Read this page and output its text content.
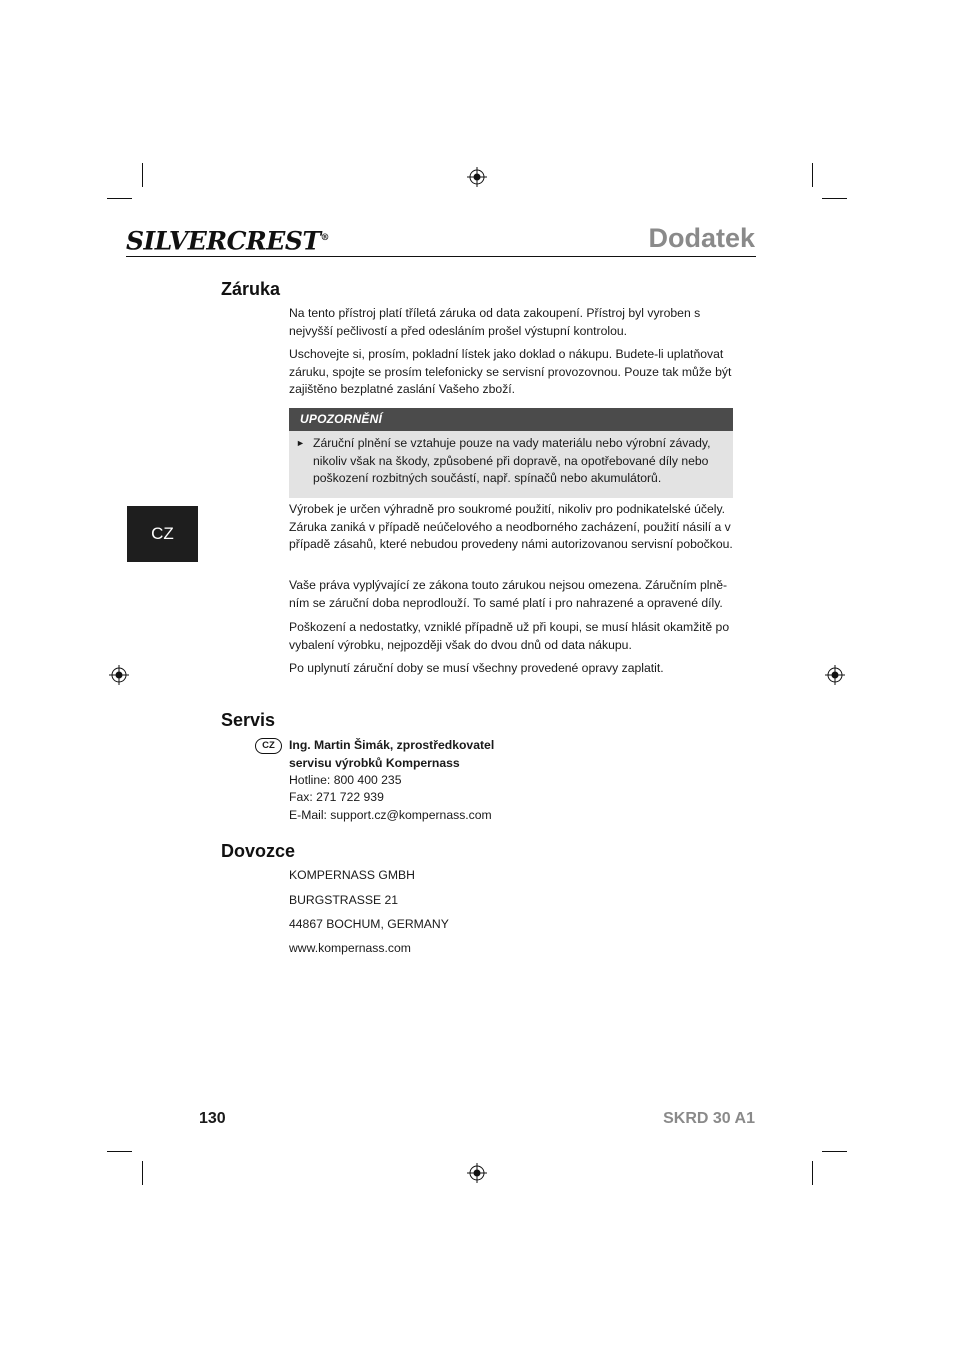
SILVERCREST®	Dodatek
CZ
Záruka

Na tento přístroj platí tříletá záruka od data zakoupení. Přístroj byl vyroben s nejvyšší pečlivostí a před odesláním prošel výstupní kontrolou.

Uschovejte si, prosím, pokladní lístek jako doklad o nákupu. Budete-li uplatňovat záruku, spojte se prosím telefonicky se servisní provozovnou. Pouze tak může být zajištěno bezplatné zaslání Vašeho zboží.

UPOZORNĚNÍ
► Záruční plnění se vztahuje pouze na vady materiálu nebo výrobní závady, nikoliv však na škody, způsobené při dopravě, na opotřebované díly nebo poškození rozbitných součástí, např. spínačů nebo akumulátorů.

Výrobek je určen výhradně pro soukromé použití, nikoliv pro podnikatelské účely. Záruka zaniká v případě neúčelového a neodborného zacházení, použití násilí a v případě zásahů, které nebudou provedeny námi autorizovanou servisní pobočkou.

Vaše práva vyplývající ze zákona touto zárukou nejsou omezena. Záručním plně-ním se záruční doba neprodlouží. To samé platí i pro nahrazené a opravené díly.

Poškození a nedostatky, vzniklé případně už při koupi, se musí hlásit okamžitě po vybalení výrobku, nejpozději však do dvou dnů od data nákupu.

Po uplynutí záruční doby se musí všechny provedené opravy zaplatit.

Servis
CZ	Ing. Martin Šimák, zprostředkovatel
servisu výrobků Kompernass
Hotline: 800 400 235
Fax: 271 722 939
E-Mail: support.cz@kompernass.com
Dovozce
KOMPERNASS GMBH
BURGSTRASSE 21
44867 BOCHUM, GERMANY
www.kompernass.com
130	SKRD 30 A1
